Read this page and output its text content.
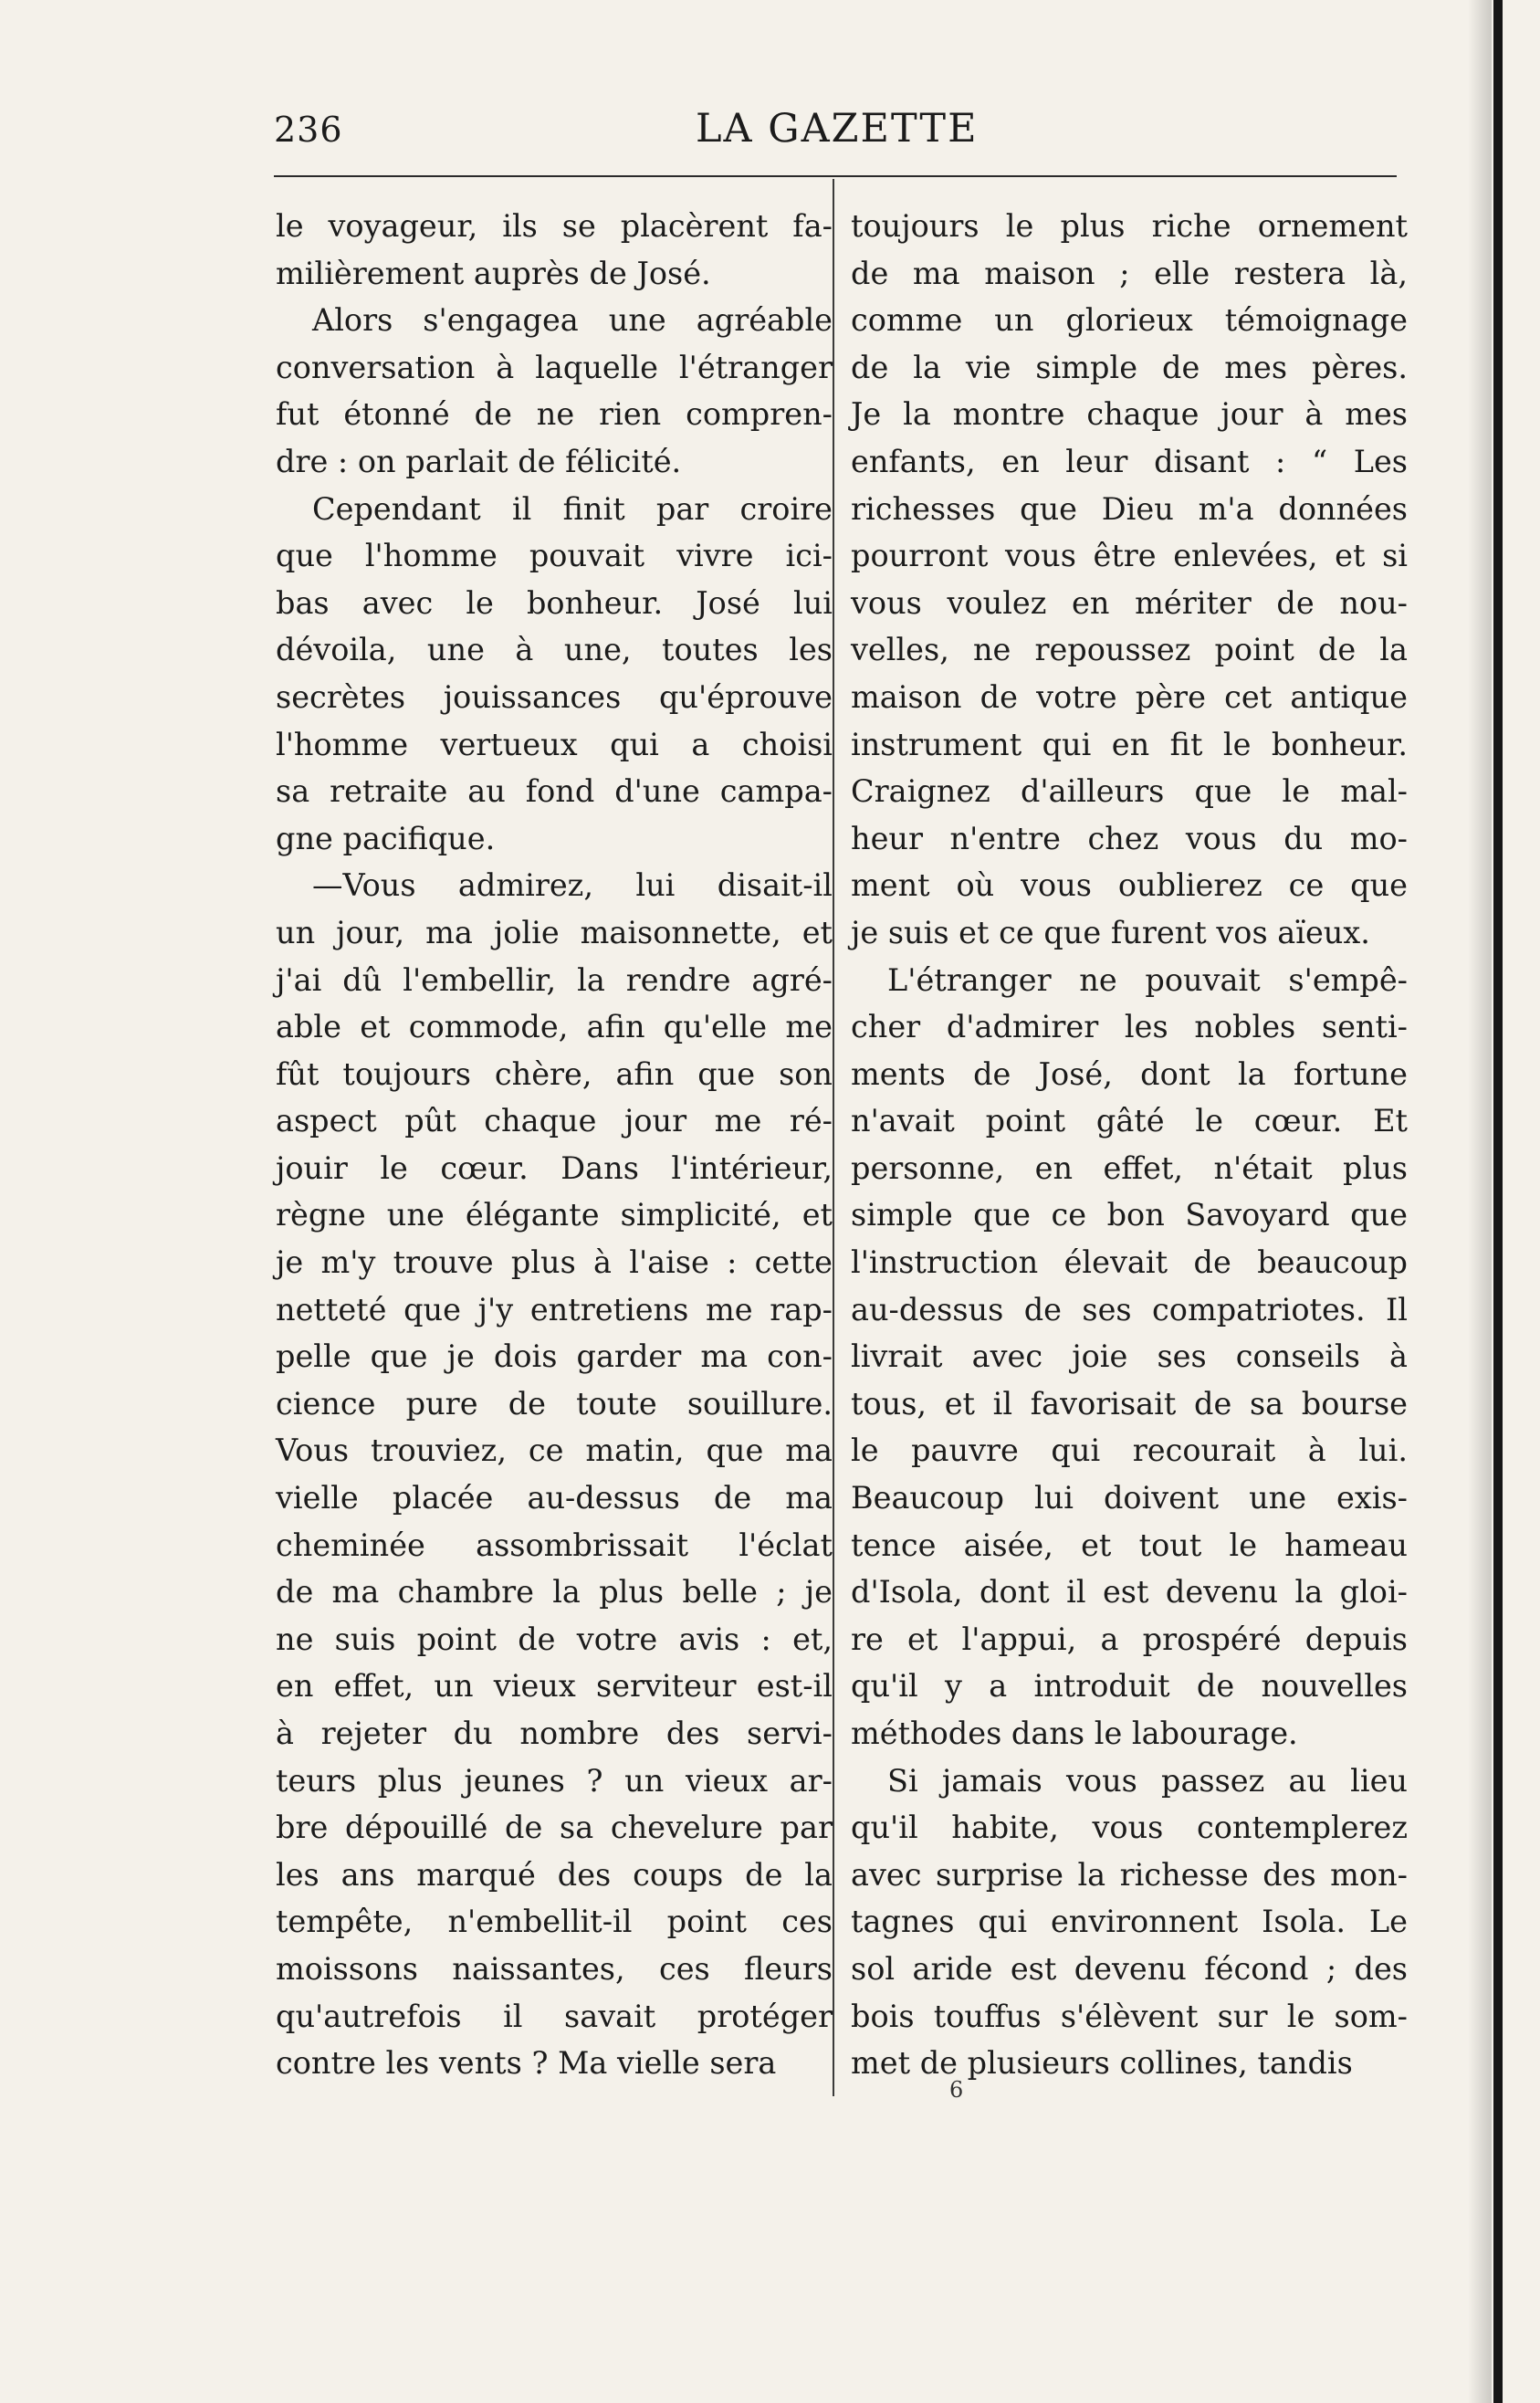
236	LA GAZETTE
le voyageur, ils se placèrent fa-
milièrement auprès de José.
Alors s'engagea une agréable
conversation à laquelle l'étranger
fut étonné de ne rien compren-
dre : on parlait de félicité.
Cependant il finit par croire
que l'homme pouvait vivre ici-
bas avec le bonheur. José lui
dévoila, une à une, toutes les
secrètes jouissances qu'éprouve
l'homme vertueux qui a choisi
sa retraite au fond d'une campa-
gne pacifique.
—Vous admirez, lui disait-il
un jour, ma jolie maisonnette, et
j'ai dû l'embellir, la rendre agré-
able et commode, afin qu'elle me
fût toujours chère, afin que son
aspect pût chaque jour me ré-
jouir le cœur. Dans l'intérieur,
règne une élégante simplicité, et
je m'y trouve plus à l'aise : cette
netteté que j'y entretiens me rap-
pelle que je dois garder ma con-
cience pure de toute souillure.
Vous trouviez, ce matin, que ma
vielle placée au-dessus de ma
cheminée assombrissait l'éclat
de ma chambre la plus belle ; je
ne suis point de votre avis : et,
en effet, un vieux serviteur est-il
à rejeter du nombre des servi-
teurs plus jeunes ? un vieux ar-
bre dépouillé de sa chevelure par
les ans marqué des coups de la
tempête, n'embellit-il point ces
moissons naissantes, ces fleurs
qu'autrefois il savait protéger
contre les vents ? Ma vielle sera
toujours le plus riche ornement
de ma maison ; elle restera là,
comme un glorieux témoignage
de la vie simple de mes pères.
Je la montre chaque jour à mes
enfants, en leur disant : “ Les
richesses que Dieu m'a données
pourront vous être enlevées, et si
vous voulez en mériter de nou-
velles, ne repoussez point de la
maison de votre père cet antique
instrument qui en fit le bonheur.
Craignez d'ailleurs que le mal-
heur n'entre chez vous du mo-
ment où vous oublierez ce que
je suis et ce que furent vos aïeux.
L'étranger ne pouvait s'empê-
cher d'admirer les nobles senti-
ments de José, dont la fortune
n'avait point gâté le cœur. Et
personne, en effet, n'était plus
simple que ce bon Savoyard que
l'instruction élevait de beaucoup
au-dessus de ses compatriotes. Il
livrait avec joie ses conseils à
tous, et il favorisait de sa bourse
le pauvre qui recourait à lui.
Beaucoup lui doivent une exis-
tence aisée, et tout le hameau
d'Isola, dont il est devenu la gloi-
re et l'appui, a prospéré depuis
qu'il y a introduit de nouvelles
méthodes dans le labourage.
Si jamais vous passez au lieu
qu'il habite, vous contemplerez
avec surprise la richesse des mon-
tagnes qui environnent Isola. Le
sol aride est devenu fécond ; des
bois touffus s'élèvent sur le som-
met de plusieurs collines, tandis
6
